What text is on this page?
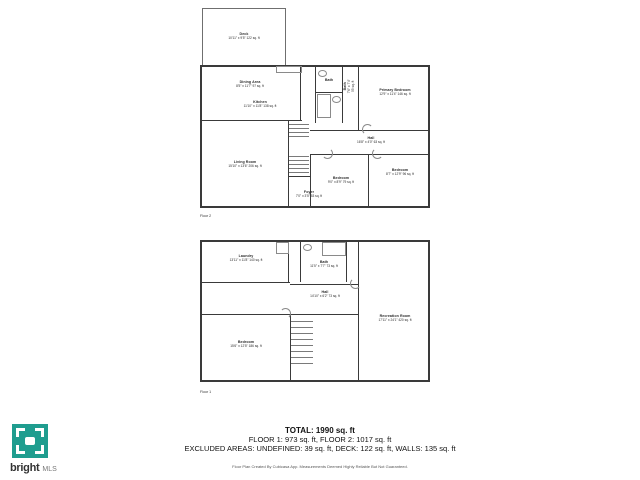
Deck
10'11" x 9'5" 122 sq. ft
Dining Area
8'5" x 11'7" 97 sq. ft
Kitchen
11'10" x 11'8" 138 sq. ft
Bath
Bath 7'6" x 7'4" 55 sq. ft	Primary Bedroom
12'9" x 11'4" 146 sq. ft
Hall
16'8" x 4'0" 63 sq. ft
Living Room
15'10" x 13'6" 206 sq. ft
Bedroom
9'0" x 8'9" 79 sq. ft
Bedroom
8'7" x 12'9" 96 sq. ft
Foyer
7'0" x 3'5" 53 sq. ft
Floor 2
Laundry
13'11" x 11'8" 140 sq. ft	Bath
11'5" x 7'7" 73 sq. ft
Hall
14'10" x 6'2" 73 sq. ft
Recreation Room
17'11" x 24'1" 420 sq. ft
Bedroom
15'6" x 12'5" 186 sq. ft
Floor 1
TOTAL: 1990 sq. ft
FLOOR 1: 973 sq. ft, FLOOR 2: 1017 sq. ft
EXCLUDED AREAS: UNDEFINED: 39 sq. ft, DECK: 122 sq. ft, WALLS: 135 sq. ft
Floor Plan Created By Cubicasa App. Measurements Deemed Highly Reliable But Not Guaranteed.
bright MLS
